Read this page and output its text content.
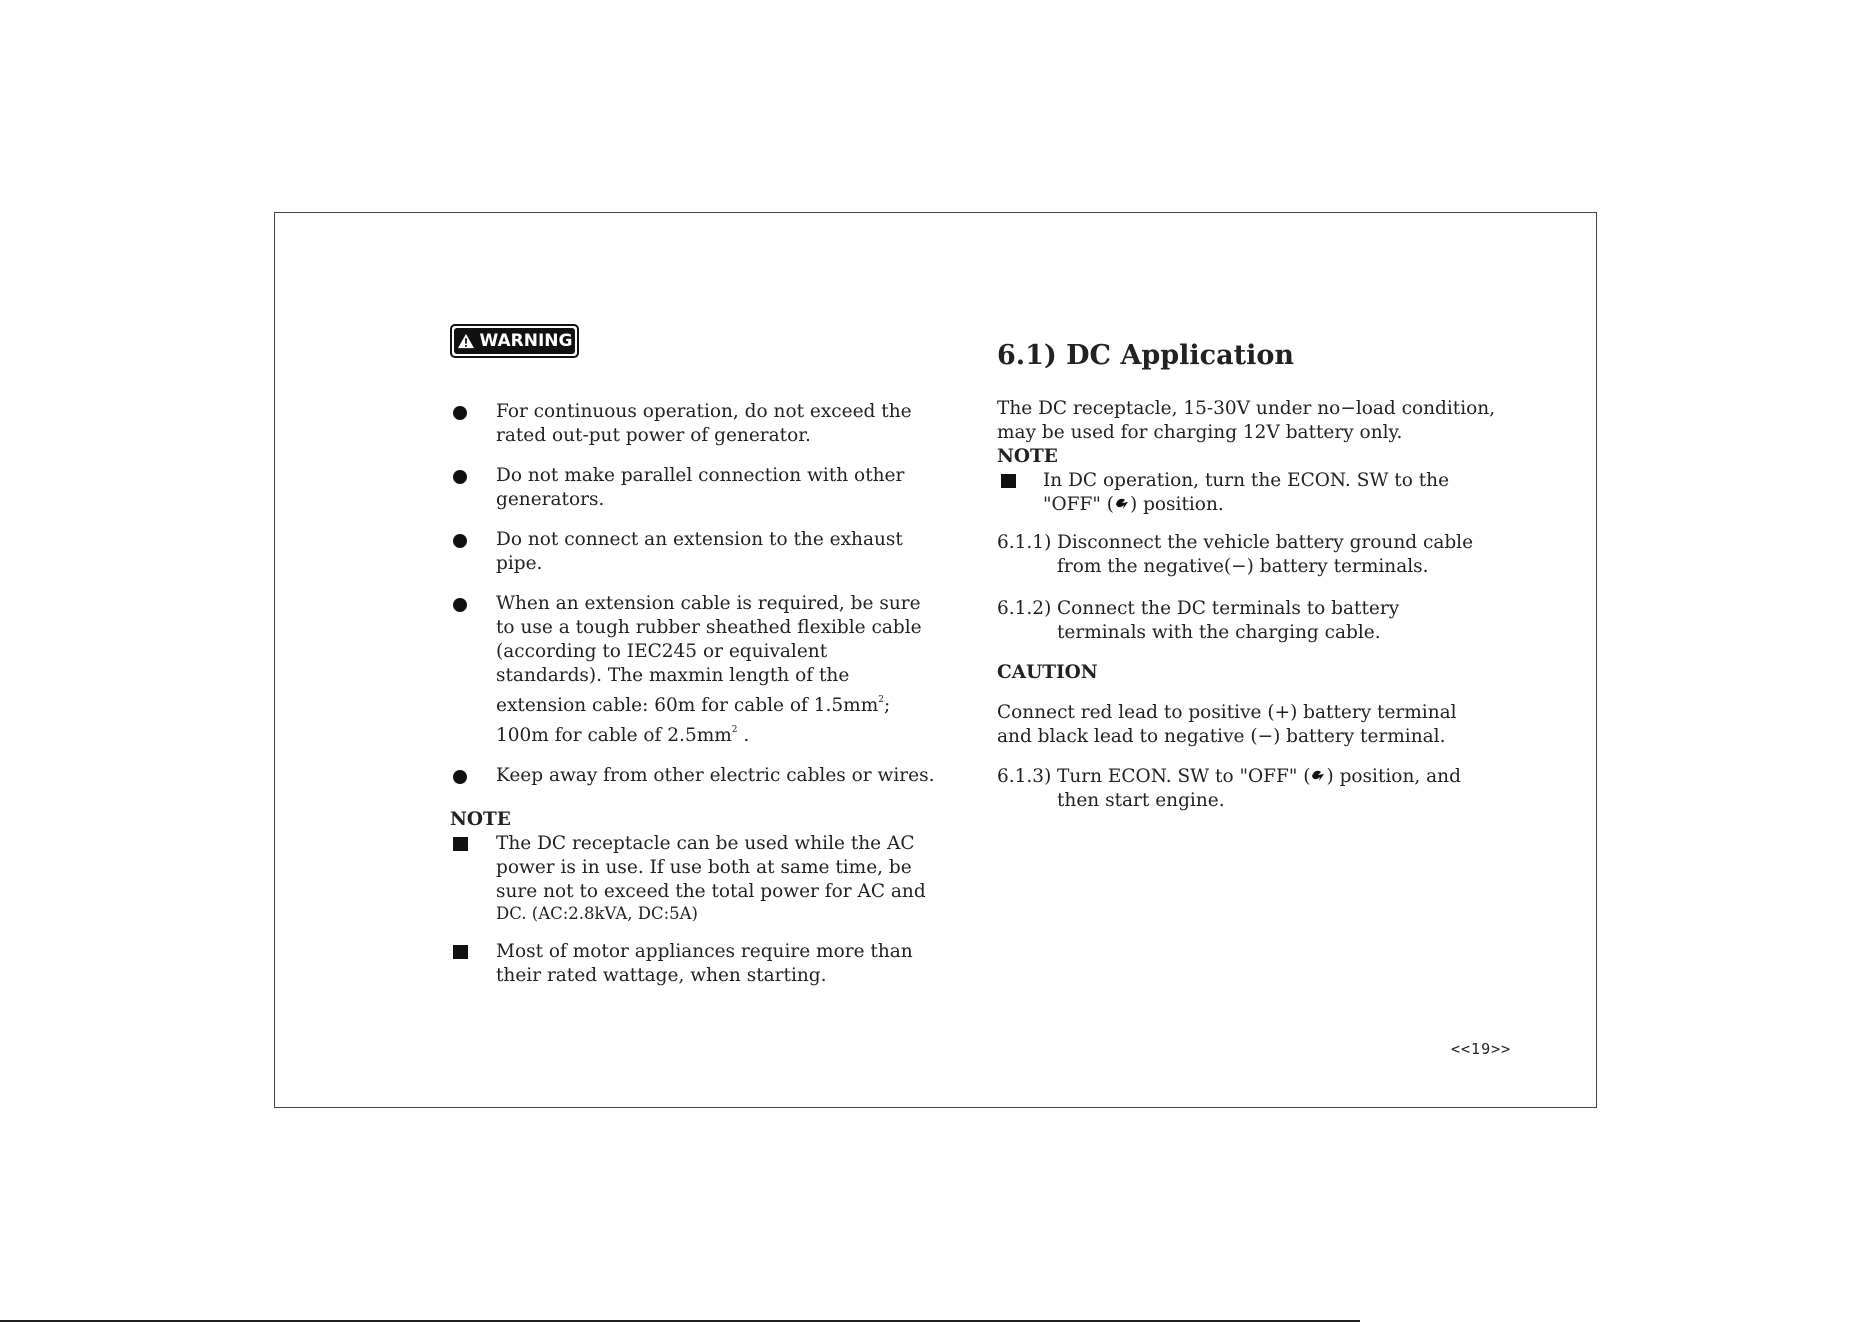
WARNING
For continuous operation, do not exceed the
rated out-put power of generator.
Do not make parallel connection with other
generators.
Do not connect an extension to the exhaust
pipe.
When an extension cable is required, be sure
to use a tough rubber sheathed flexible cable
(according to IEC245 or equivalent
standards). The maxmin length of the
extension cable: 60m for cable of $1.5mm^2$;
100m for cable of $2.5mm^2$ .
Keep away from other electric cables or wires.
NOTE
The DC receptacle can be used while the AC
power is in use. If use both at same time, be
sure not to exceed the total power for AC and
DC. (AC:2.8kVA, DC:5A)
Most of motor appliances require more than
their rated wattage, when starting.
6.1) DC Application
The DC receptacle, 15-30V under no−load condition,
may be used for charging 12V battery only.
NOTE
In DC operation, turn the ECON. SW to the
"OFF" ( ) position.
6.1.1) Disconnect the vehicle battery ground cable
from the negative(−) battery terminals.
6.1.2) Connect the DC terminals to battery
terminals with the charging cable.
CAUTION
Connect red lead to positive (+) battery terminal
and black lead to negative (−) battery terminal.
6.1.3) Turn ECON. SW to "OFF" ( ) position, and
then start engine.
<<19>>
